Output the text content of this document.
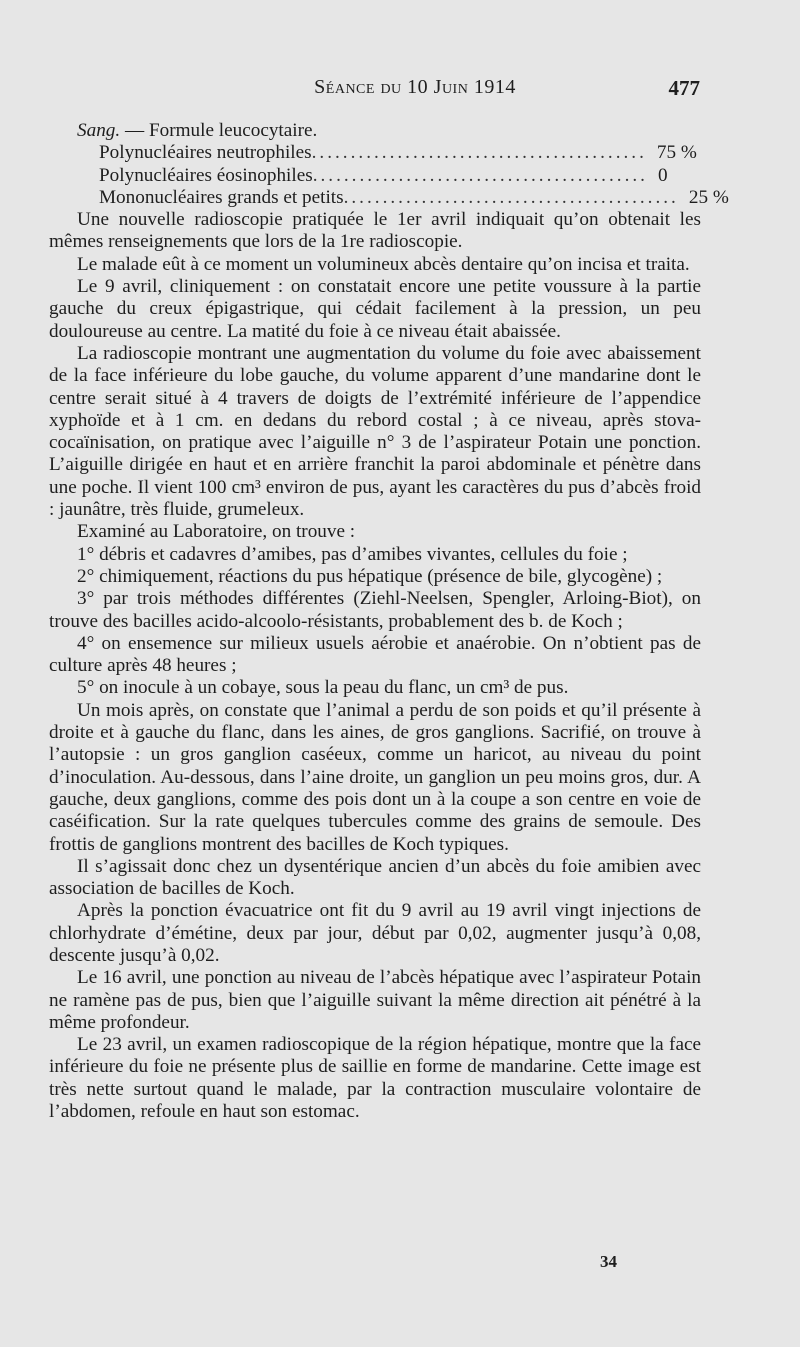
Séance du 10 Juin 1914	477

Sang. — Formule leucocytaire.

Polynucléaires neutrophiles ........................................... 75 %
Polynucléaires éosinophiles ........................................... 0
Mononucléaires grands et petits ........................................... 25 %

Une nouvelle radioscopie pratiquée le 1er avril indiquait qu’on obtenait les mêmes renseignements que lors de la 1re radioscopie.

Le malade eût à ce moment un volumineux abcès dentaire qu’on incisa et traita.

Le 9 avril, cliniquement : on constatait encore une petite voussure à la partie gauche du creux épigastrique, qui cédait facilement à la pression, un peu douloureuse au centre. La matité du foie à ce niveau était abaissée.

La radioscopie montrant une augmentation du volume du foie avec abaissement de la face inférieure du lobe gauche, du volume apparent d’une mandarine dont le centre serait situé à 4 travers de doigts de l’extrémité inférieure de l’appendice xyphoïde et à 1 cm. en dedans du rebord costal ; à ce niveau, après stova-cocaïnisation, on pratique avec l’aiguille n° 3 de l’aspirateur Potain une ponction. L’aiguille dirigée en haut et en arrière franchit la paroi abdominale et pénètre dans une poche. Il vient 100 cm³ environ de pus, ayant les caractères du pus d’abcès froid : jaunâtre, très fluide, grumeleux.

Examiné au Laboratoire, on trouve :

1° débris et cadavres d’amibes, pas d’amibes vivantes, cellules du foie ;

2° chimiquement, réactions du pus hépatique (présence de bile, glycogène) ;

3° par trois méthodes différentes (Ziehl-Neelsen, Spengler, Arloing-Biot), on trouve des bacilles acido-alcoolo-résistants, probablement des b. de Koch ;

4° on ensemence sur milieux usuels aérobie et anaérobie. On n’obtient pas de culture après 48 heures ;

5° on inocule à un cobaye, sous la peau du flanc, un cm³ de pus.

Un mois après, on constate que l’animal a perdu de son poids et qu’il présente à droite et à gauche du flanc, dans les aines, de gros ganglions. Sacrifié, on trouve à l’autopsie : un gros ganglion caséeux, comme un haricot, au niveau du point d’inoculation. Au-dessous, dans l’aine droite, un ganglion un peu moins gros, dur. A gauche, deux ganglions, comme des pois dont un à la coupe a son centre en voie de caséification. Sur la rate quelques tubercules comme des grains de semoule. Des frottis de ganglions montrent des bacilles de Koch typiques.

Il s’agissait donc chez un dysentérique ancien d’un abcès du foie amibien avec association de bacilles de Koch.

Après la ponction évacuatrice ont fit du 9 avril au 19 avril vingt injections de chlorhydrate d’émétine, deux par jour, début par 0,02, augmenter jusqu’à 0,08, descente jusqu’à 0,02.

Le 16 avril, une ponction au niveau de l’abcès hépatique avec l’aspirateur Potain ne ramène pas de pus, bien que l’aiguille suivant la même direction ait pénétré à la même profondeur.

Le 23 avril, un examen radioscopique de la région hépatique, montre que la face inférieure du foie ne présente plus de saillie en forme de mandarine. Cette image est très nette surtout quand le malade, par la contraction musculaire volontaire de l’abdomen, refoule en haut son estomac.

34
